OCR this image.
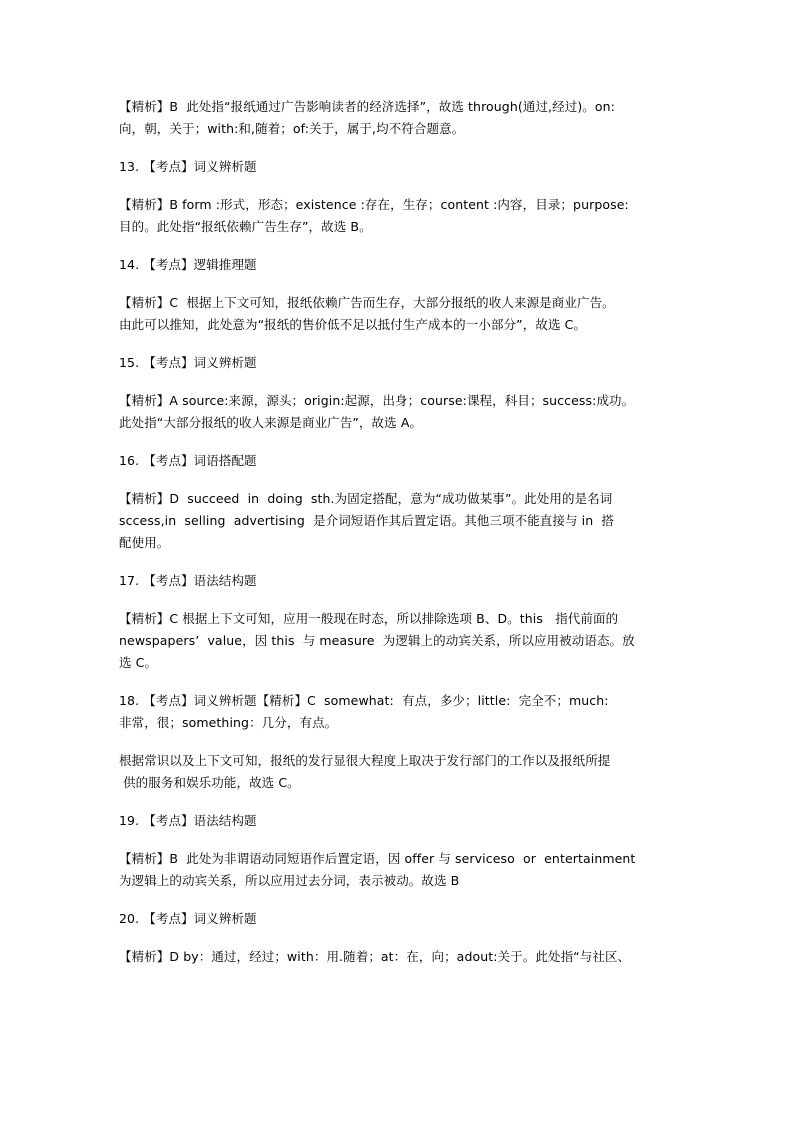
【精析】B  此处指“报纸通过广告影响读者的经济选择”，故选 through(通过,经过)。on:
向，朝，关于；with:和,随着；of:关于，属于,均不符合题意。
13. 【考点】词义辨析题
【精析】B form :形式，形态；existence :存在，生存；content :内容，目录；purpose:
目的。此处指“报纸依赖广告生存”，故选 B。
14. 【考点】逻辑推理题
【精析】C  根据上下文可知，报纸依赖广告而生存，大部分报纸的收人来源是商业广告。
由此可以推知，此处意为“报纸的售价低不足以抵付生产成本的一小部分”，故选 C。
15. 【考点】词义辨析题
【精析】A source:来源，源头；origin:起源，出身；course:课程，科目；success:成功。
此处指“大部分报纸的收人来源是商业广告”，故选 A。
16. 【考点】词语搭配题
【精析】D  succeed  in  doing  sth.为固定搭配，意为“成功做某事”。此处用的是名词
sccess,in  selling  advertising  是介词短语作其后置定语。其他三项不能直接与 in  搭
配使用。
17. 【考点】语法结构题
【精析】C 根据上下文可知，应用一般现在时态，所以排除选项 B、D。this   指代前面的
newspapers’  value，因 this  与 measure  为逻辑上的动宾关系，所以应用被动语态。放
选 C。
18. 【考点】词义辨析题【精析】C  somewhat:  有点，多少；little:  完全不；much:
非常，很；something：几分，有点。
根据常识以及上下文可知，报纸的发行显很大程度上取决于发行部门的工作以及报纸所提
供的服务和娱乐功能，故选 C。
19. 【考点】语法结构题
【精析】B  此处为非谓语动同短语作后置定语，因 offer 与 serviceso  or  entertainment
为逻辑上的动宾关系，所以应用过去分词，表示被动。故选 B
20. 【考点】词义辨析题
【精析】D by：通过，经过；with：用.随着；at：在，向；adout:关于。此处指“与社区、
